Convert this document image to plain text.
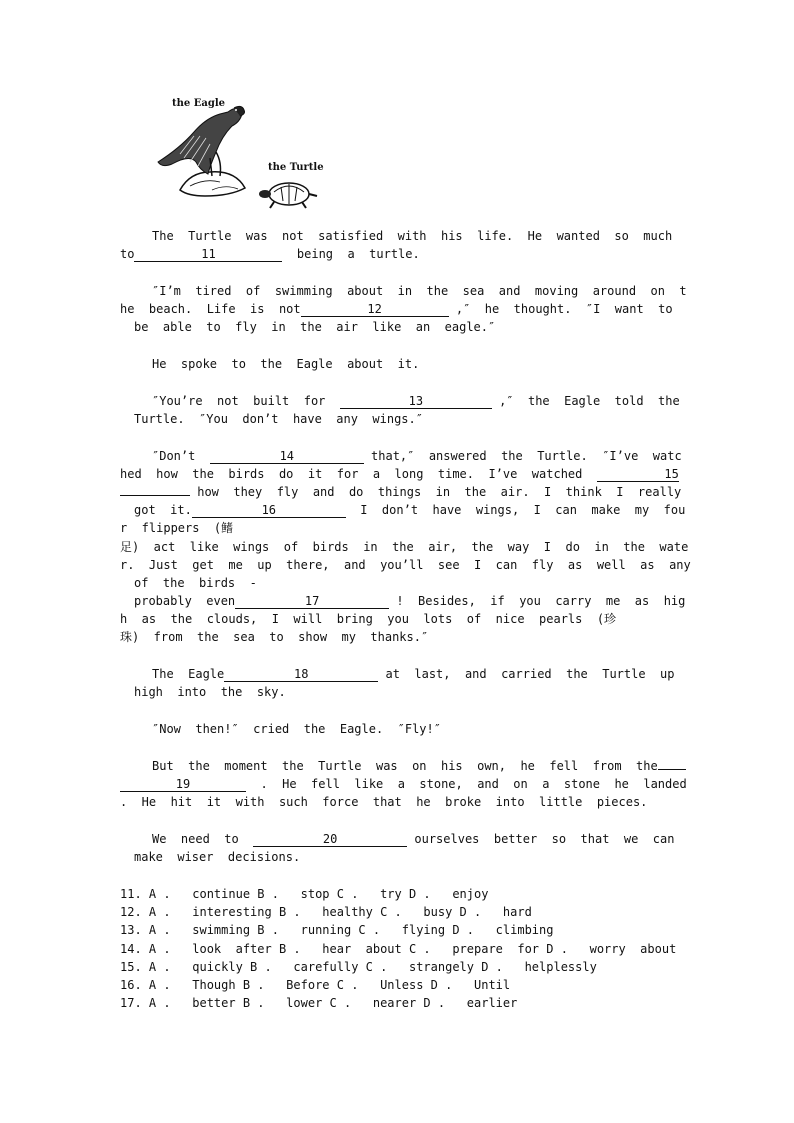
the Eagle
the Turtle
The  Turtle  was  not  satisfied  with  his  life.  He  wanted  so  much
to	11	being  a  turtle.
″I’m  tired  of  swimming  about  in  the  sea  and  moving  around  on  t
he  beach.  Life  is  not	12	,″  he  thought.  ″I  want  to
be  able  to  fly  in  the  air  like  an  eagle.″
He  spoke  to  the  Eagle  about  it.
″You’re  not  built  for	13	,″  the  Eagle  told  the
Turtle.  ″You  don’t  have  any  wings.″
″Don’t	14	that,″  answered  the  Turtle.  ″I’ve  watc
hed  how  the  birds  do  it  for  a  long  time.  I’ve  watched	15
how  they  fly  and  do  things  in  the  air.  I  think  I  really
got  it.	16	I  don’t  have  wings,  I  can  make  my  fou
r  flippers  (鳍
足)  act  like  wings  of  birds  in  the  air,  the  way  I  do  in  the  wate
r.  Just  get  me  up  there,  and  you’ll  see  I  can  fly  as  well  as  any
of  the  birds  -
probably  even	17	!  Besides,  if  you  carry  me  as  hig
h  as  the  clouds,  I  will  bring  you  lots  of  nice  pearls  (珍
珠)  from  the  sea  to  show  my  thanks.″
The  Eagle	18	at  last,  and  carried  the  Turtle  up
high  into  the  sky.
″Now  then!″  cried  the  Eagle.  ″Fly!″
But  the  moment  the  Turtle  was  on  his  own,  he  fell  from  the
19	.  He  fell  like  a  stone,  and  on  a  stone  he  landed
.  He  hit  it  with  such  force  that  he  broke  into  little  pieces.
We  need  to	20	ourselves  better  so  that  we  can
make  wiser  decisions.
11. A .   continue B .   stop C .   try D .   enjoy
12. A .   interesting B .   healthy C .   busy D .   hard
13. A .   swimming B .   running C .   flying D .   climbing
14. A .   look  after B .   hear  about C .   prepare  for D .   worry  about
15. A .   quickly B .   carefully C .   strangely D .   helplessly
16. A .   Though B .   Before C .   Unless D .   Until
17. A .   better B .   lower C .   nearer D .   earlier
